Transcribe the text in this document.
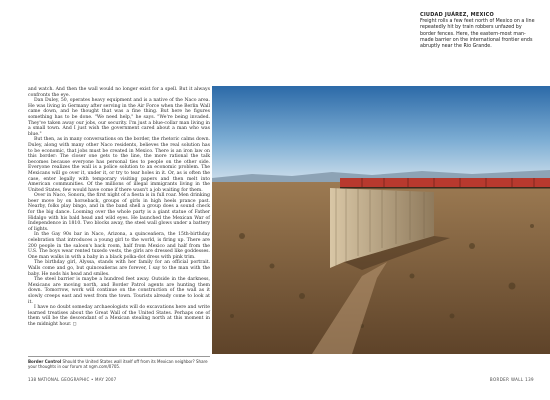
and watch. And then the wall would no longer exist for a spell. But it always confronts the eye.

Dan Duley, 50, operates heavy equipment and is a native of the Naco area. He was living in Germany after serving in the Air Force when the Berlin Wall came down, and he thought that was a fine thing. But here he figures something has to be done. "We need help," he says. "We're being invaded. They've taken away our jobs, our security. I'm just a blue-collar man living in a small town. And I just wish the government cared about a man who was blue."

But then, as in many conversations on the border, the rhetoric calms down. Duley, along with many other Naco residents, believes the real solution has to be economic, that jobs must be created in Mexico. There is an iron law on this border: The closer one gets to the line, the more rational the talk becomes because everyone has personal ties to people on the other side. Everyone realizes the wall is a police solution to an economic problem. The Mexicans will go over it, under it, or try to tear holes in it. Or, as is often the case, enter legally with temporary visiting papers and then melt into American communities. Of the millions of illegal immigrants living in the United States, few would have come if there wasn't a job waiting for them.

Over in Naco, Sonora, the first night of a fiesta is in full roar. Men drinking beer move by on horseback, groups of girls in high heels prance past. Nearby, folks play bingo, and in the band shell a group does a sound check for the big dance. Looming over the whole party is a giant statue of Father Hidalgo with his bald head and wild eyes. He launched the Mexican War of Independence in 1810. Two blocks away, the steel wall glows under a battery of lights.

In the Gay 90s bar in Naco, Arizona, a quinceañera, the 15th-birthday celebration that introduces a young girl to the world, is firing up. There are 200 people in the saloon's back room, half from Mexico and half from the U.S. The boys wear rented tuxedo vests, the girls are dressed like goddesses. One man walks in with a baby in a black polka-dot dress with pink trim.

The birthday girl, Alyssa, stands with her family for an official portrait. Walls come and go, but quinceañeras are forever, I say to the man with the baby. He nods his head and smiles.

The steel barrier is maybe a hundred feet away. Outside in the darkness, Mexicans are moving north, and Border Patrol agents are hunting them down. Tomorrow, work will continue on the construction of the wall as it slowly creeps east and west from the town. Tourists already come to look at it.

I have no doubt someday archaeologists will do excavations here and write learned treatises about the Great Wall of the United States. Perhaps one of them will be the descendant of a Mexican stealing north at this moment in the midnight hour. ◻

Border Control Should the United States wall itself off from its Mexican neighbor? Share your thoughts in our forum at ngm.com/0705.
138 NATIONAL GEOGRAPHIC • MAY 2007
CIUDAD JUÁREZ, MEXICO
Freight rolls a few feet north of Mexico on a line repeatedly hit by train robbers unfazed by border fences. Here, the eastern-most man-made barrier on the international frontier ends abruptly near the Rio Grande.
BORDER WALL 139
